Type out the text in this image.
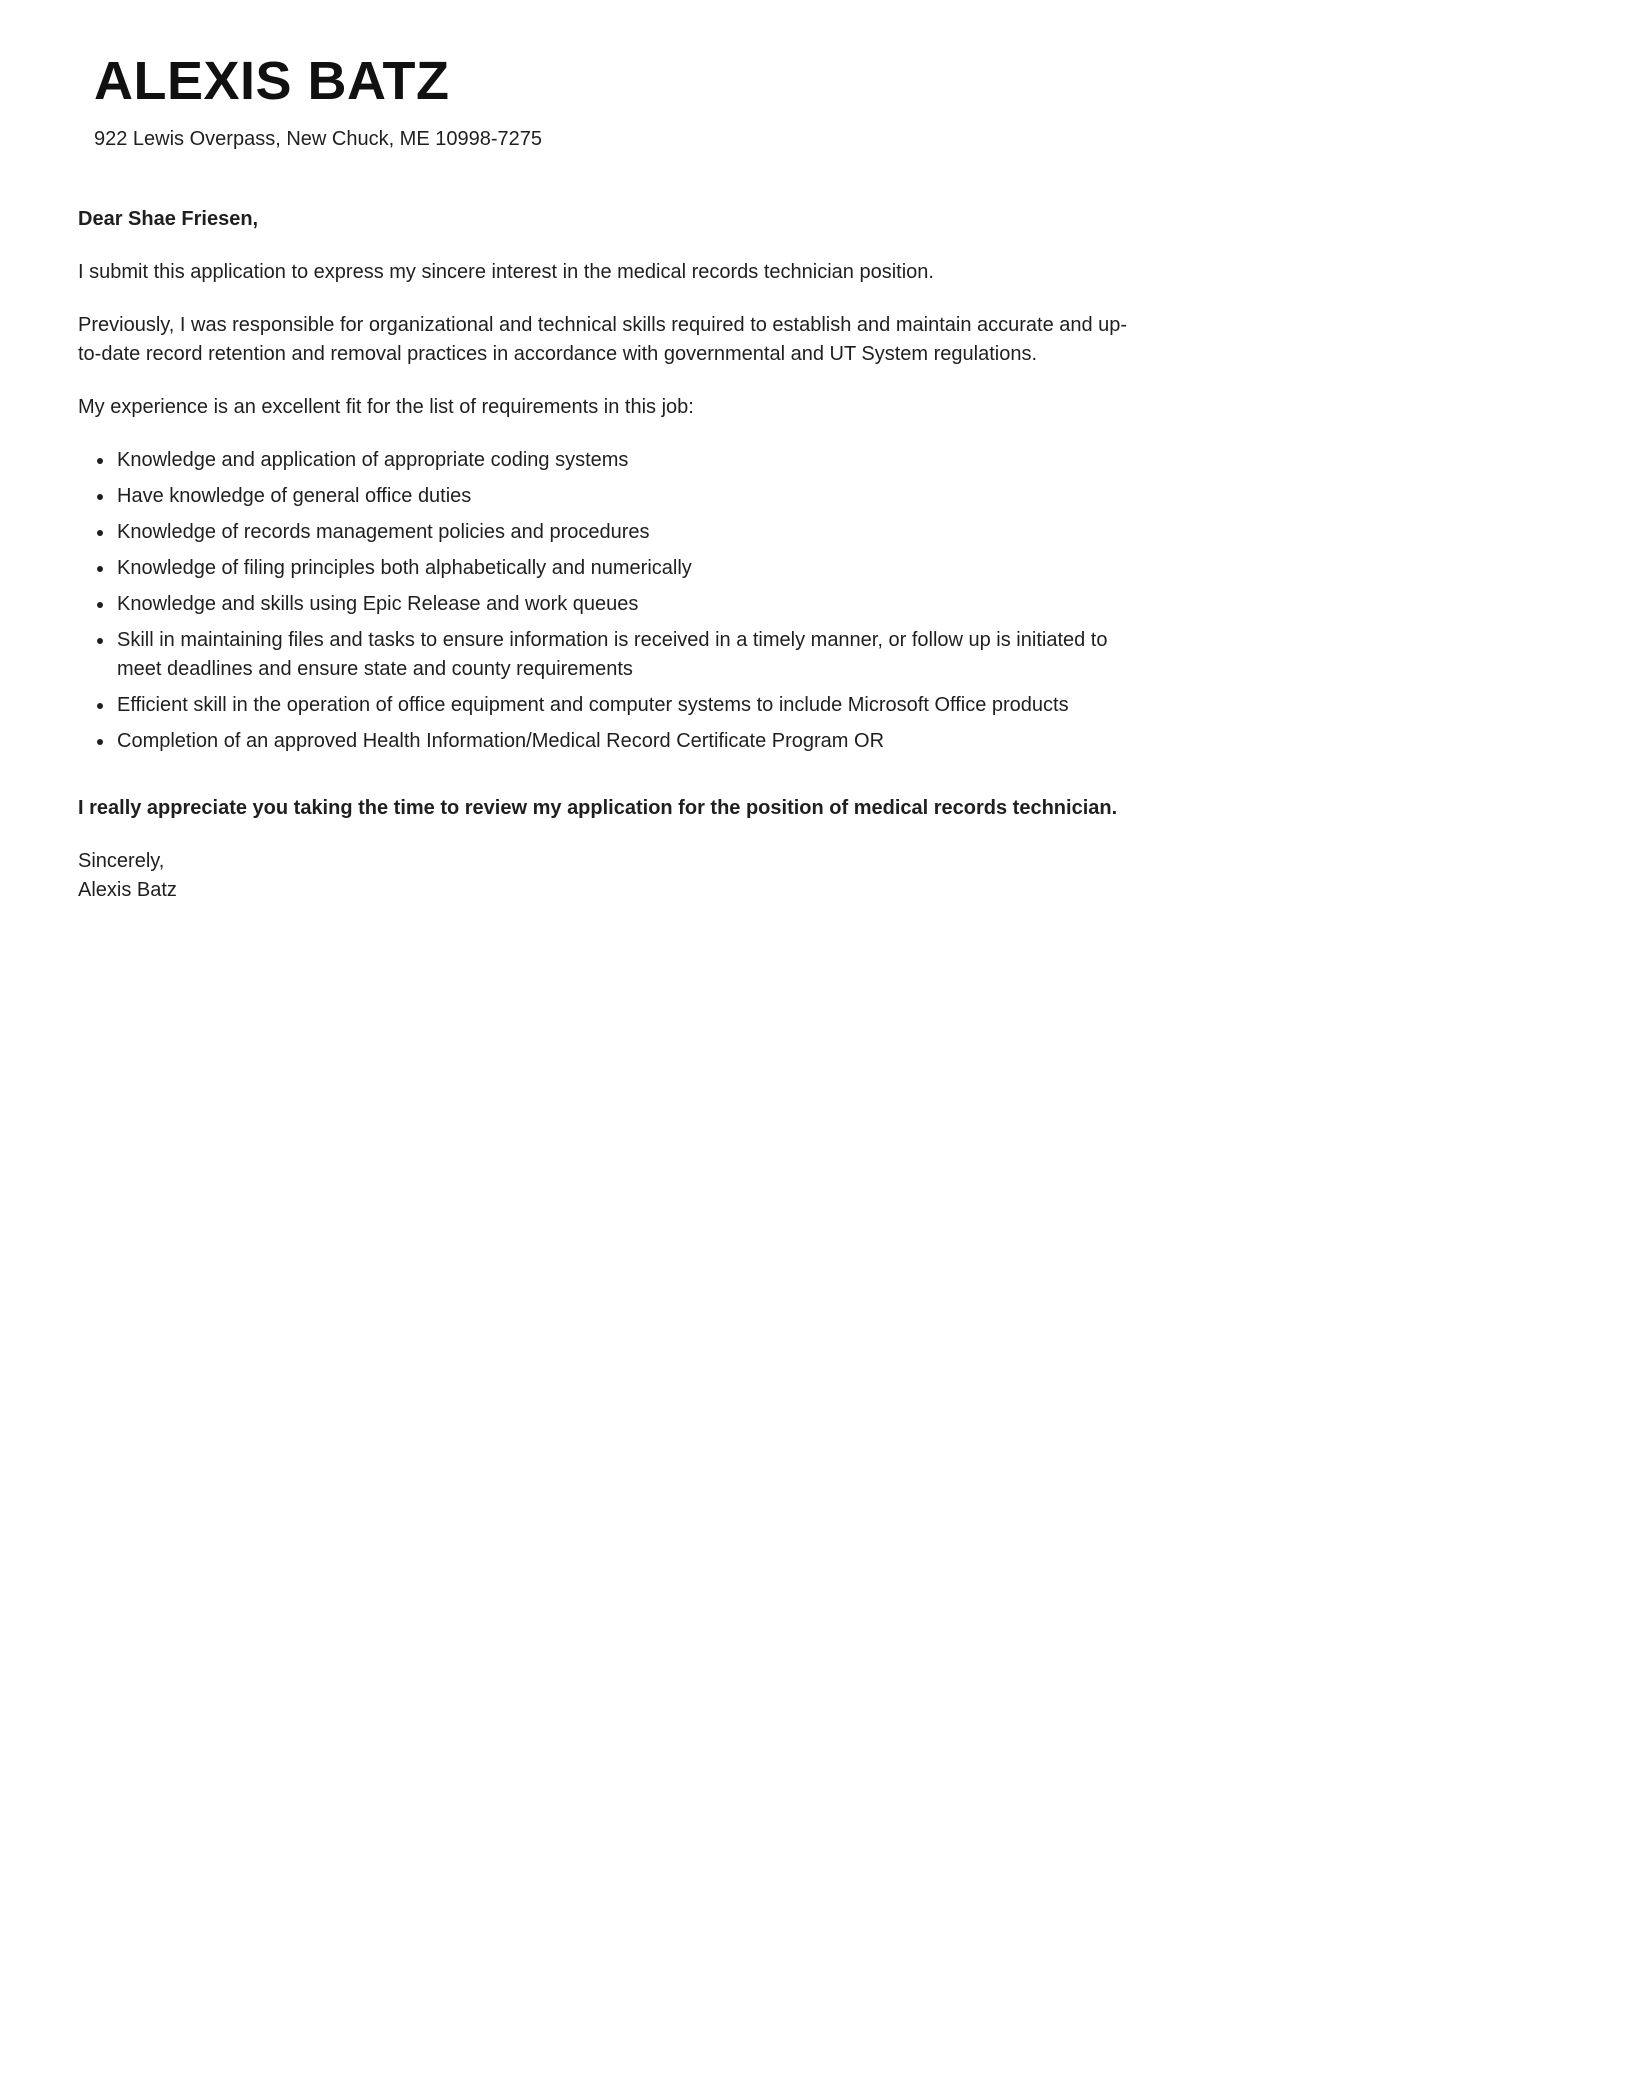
ALEXIS BATZ

922 Lewis Overpass, New Chuck, ME 10998-7275

Dear Shae Friesen,

I submit this application to express my sincere interest in the medical records technician position.

Previously, I was responsible for organizational and technical skills required to establish and maintain accurate and up-to-date record retention and removal practices in accordance with governmental and UT System regulations.

My experience is an excellent fit for the list of requirements in this job:

• Knowledge and application of appropriate coding systems
• Have knowledge of general office duties
• Knowledge of records management policies and procedures
• Knowledge of filing principles both alphabetically and numerically
• Knowledge and skills using Epic Release and work queues
• Skill in maintaining files and tasks to ensure information is received in a timely manner, or follow up is initiated to meet deadlines and ensure state and county requirements
• Efficient skill in the operation of office equipment and computer systems to include Microsoft Office products
• Completion of an approved Health Information/Medical Record Certificate Program OR

I really appreciate you taking the time to review my application for the position of medical records technician.

Sincerely,

Alexis Batz
